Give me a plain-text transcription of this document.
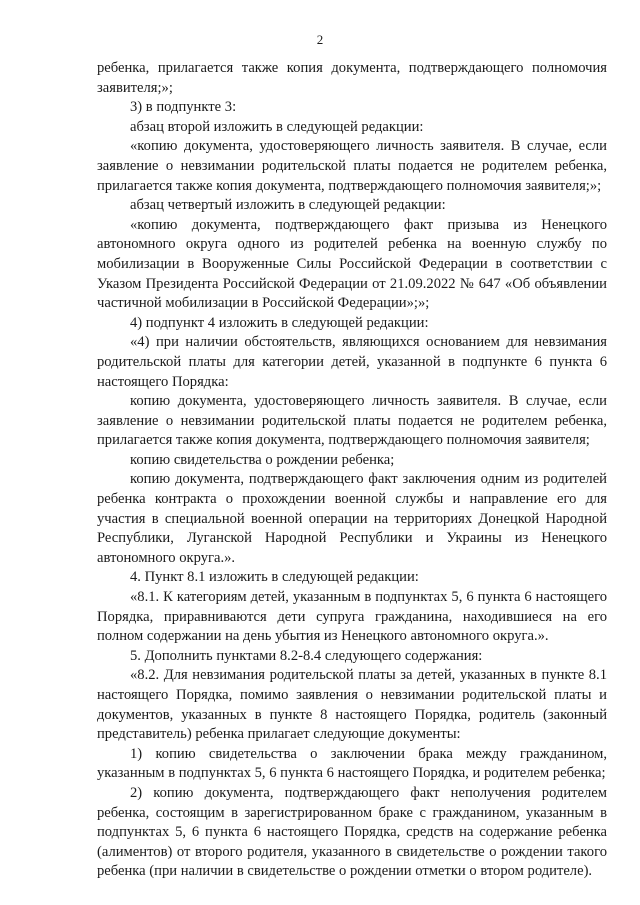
2

ребенка, прилагается также копия документа, подтверждающего полномочия заявителя;»;

3) в подпункте 3:

абзац второй изложить в следующей редакции:

«копию документа, удостоверяющего личность заявителя. В случае, если заявление о невзимании родительской платы подается не родителем ребенка, прилагается также копия документа, подтверждающего полномочия заявителя;»;

абзац четвертый изложить в следующей редакции:

«копию документа, подтверждающего факт призыва из Ненецкого автономного округа одного из родителей ребенка на военную службу по мобилизации в Вооруженные Силы Российской Федерации в соответствии с Указом Президента Российской Федерации от 21.09.2022 № 647 «Об объявлении частичной мобилизации в Российской Федерации»;»;

4) подпункт 4 изложить в следующей редакции:

«4) при наличии обстоятельств, являющихся основанием для невзимания родительской платы для категории детей, указанной в подпункте 6 пункта 6 настоящего Порядка:

копию документа, удостоверяющего личность заявителя. В случае, если заявление о невзимании родительской платы подается не родителем ребенка, прилагается также копия документа, подтверждающего полномочия заявителя;

копию свидетельства о рождении ребенка;

копию документа, подтверждающего факт заключения одним из родителей ребенка контракта о прохождении военной службы и направление его для участия в специальной военной операции на территориях Донецкой Народной Республики, Луганской Народной Республики и Украины из Ненецкого автономного округа.».

4. Пункт 8.1 изложить в следующей редакции:

«8.1. К категориям детей, указанным в подпунктах 5, 6 пункта 6 настоящего Порядка, приравниваются дети супруга гражданина, находившиеся на его полном содержании на день убытия из Ненецкого автономного округа.».

5. Дополнить пунктами 8.2-8.4 следующего содержания:

«8.2. Для невзимания родительской платы за детей, указанных в пункте 8.1 настоящего Порядка, помимо заявления о невзимании родительской платы и документов, указанных в пункте 8 настоящего Порядка, родитель (законный представитель) ребенка прилагает следующие документы:

1) копию свидетельства о заключении брака между гражданином, указанным в подпунктах 5, 6 пункта 6 настоящего Порядка, и родителем ребенка;

2) копию документа, подтверждающего факт неполучения родителем ребенка, состоящим в зарегистрированном браке с гражданином, указанным в подпунктах 5, 6 пункта 6 настоящего Порядка, средств на содержание ребенка (алиментов) от второго родителя, указанного в свидетельстве о рождении такого ребенка (при наличии в свидетельстве о рождении отметки о втором родителе).
